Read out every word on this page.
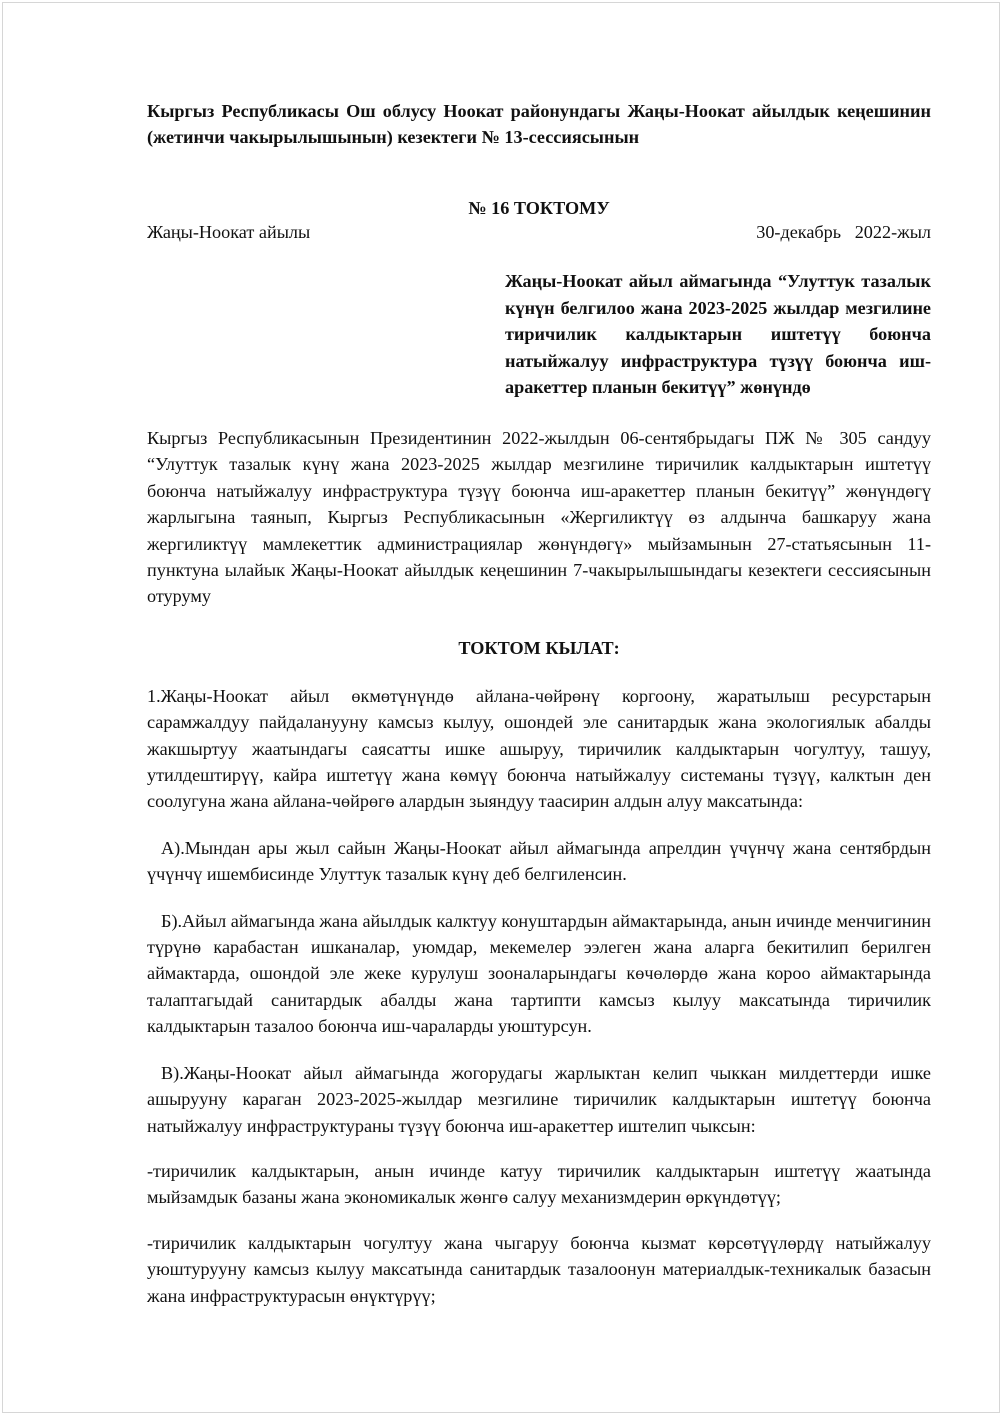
Кыргыз Республикасы Ош облусу Ноокат районундагы Жаңы-Ноокат айылдык кеңешинин (жетинчи чакырылышынын) кезектеги № 13-сессиясынын

№ 16 ТОКТОМУ

Жаңы-Ноокат айылы	30-декабрь   2022-жыл

Жаңы-Ноокат айыл аймагында “Улуттук тазалык күнүн белгилоо жана 2023-2025 жылдар мезгилине тиричилик калдыктарын иштетүү боюнча натыйжалуу инфраструктура түзүү боюнча иш-аракеттер планын бекитүү” жөнүндө

Кыргыз Республикасынын Президентинин 2022-жылдын 06-сентябрыдагы ПЖ № 305 сандуу “Улуттук тазалык күнү жана 2023-2025 жылдар мезгилине тиричилик калдыктарын иштетүү боюнча натыйжалуу инфраструктура түзүү боюнча иш-аракеттер планын бекитүү” жөнүндөгү жарлыгына таянып, Кыргыз Республикасынын «Жергиликтүү өз алдынча башкаруу жана жергиликтүү мамлекеттик администрациялар жөнүндөгү» мыйзамынын 27-статьясынын 11-пунктуна ылайык Жаңы-Ноокат айылдык кеңешинин 7-чакырылышындагы кезектеги сессиясынын отуруму

ТОКТОМ КЫЛАТ:

1.Жаңы-Ноокат айыл өкмөтүнүндө айлана-чөйрөнү коргоону, жаратылыш ресурстарын сарамжалдуу пайдаланууну камсыз кылуу, ошондей эле санитардык жана экологиялык абалды жакшыртуу жаатындагы саясатты ишке ашыруу, тиричилик калдыктарын чогултуу, ташуу, утилдештирүү, кайра иштетүү жана көмүү боюнча натыйжалуу системаны түзүү, калктын ден соолугуна жана айлана-чөйрөгө алардын зыяндуу таасирин алдын алуу максатында:

А).Мындан ары жыл сайын Жаңы-Ноокат айыл аймагында апрелдин үчүнчү жана сентябрдын үчүнчү ишембисинде Улуттук тазалык күнү деб белгиленсин.

Б).Айыл аймагында жана айылдык калктуу конуштардын аймактарында, анын ичинде менчигинин түрүнө карабастан ишканалар, уюмдар, мекемелер ээлеген жана аларга бекитилип берилген аймактарда, ошондой эле жеке курулуш зооналарындагы көчөлөрдө жана короо аймактарында талаптагыдай санитардык абалды жана тартипти камсыз кылуу максатында тиричилик калдыктарын тазалоо боюнча иш-чараларды уюштурсун.

В).Жаңы-Ноокат айыл аймагында жогорудагы жарлыктан келип чыккан милдеттерди ишке ашырууну караган 2023-2025-жылдар мезгилине тиричилик калдыктарын иштетүү боюнча натыйжалуу инфраструктураны түзүү боюнча иш-аракеттер иштелип чыксын:

-тиричилик калдыктарын, анын ичинде катуу тиричилик калдыктарын иштетүү жаатында мыйзамдык базаны жана экономикалык жөнгө салуу механизмдерин өркүндөтүү;

-тиричилик калдыктарын чогултуу жана чыгаруу боюнча кызмат көрсөтүүлөрдү натыйжалуу уюштурууну камсыз кылуу максатында санитардык тазалоонун материалдык-техникалык базасын жана инфраструктурасын өнүктүрүү;
